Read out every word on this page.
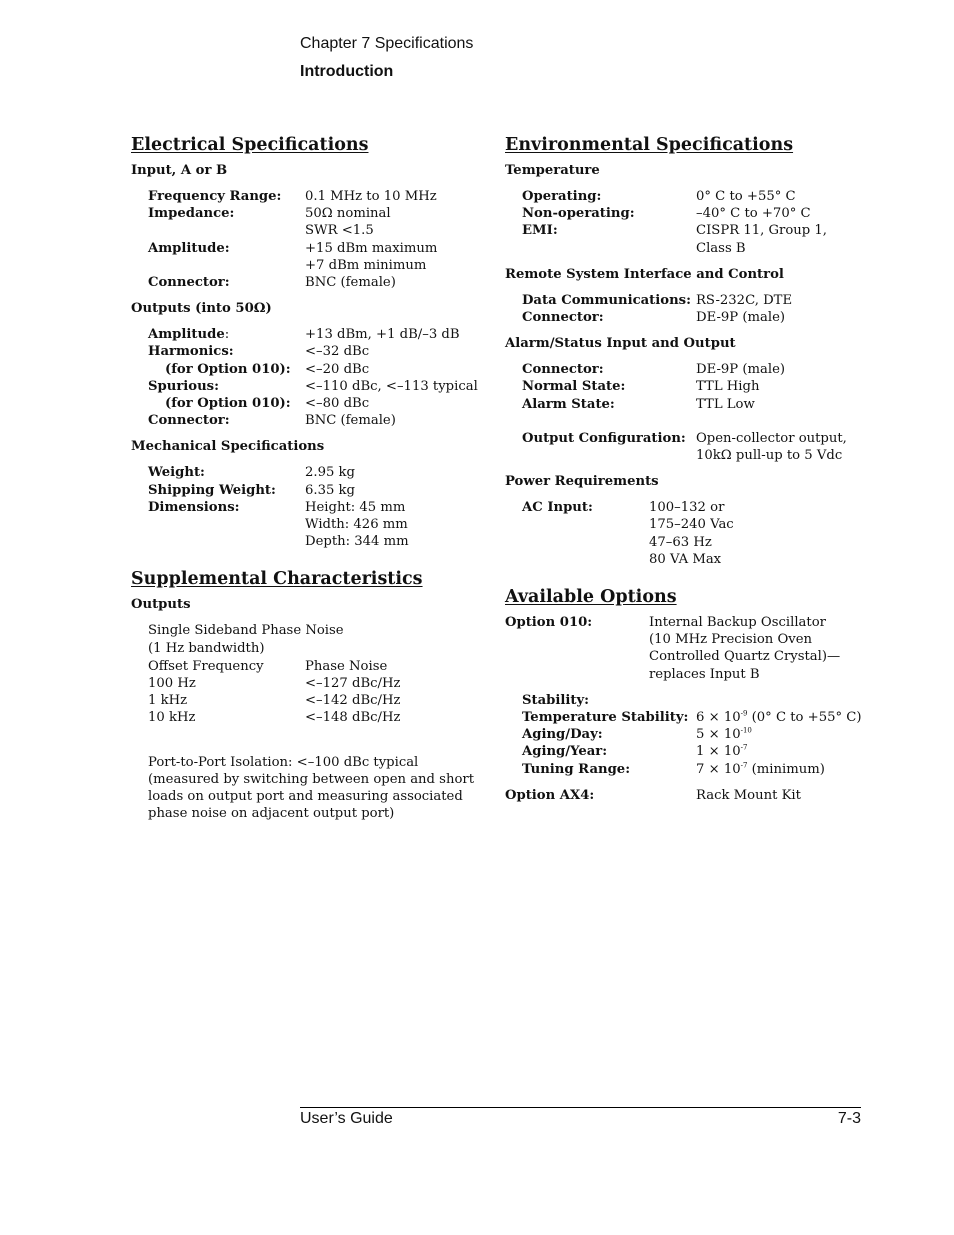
Chapter 7 Specifications
Introduction
Electrical Specifications
Input, A or B
Frequency Range:	0.1 MHz to 10 MHz
Impedance:	50Ω nominal
SWR <1.5
Amplitude:	+15 dBm maximum
+7 dBm minimum
Connector:	BNC (female)
Outputs (into 50Ω)
Amplitude:	+13 dBm, +1 dB/–3 dB
Harmonics:	<–32 dBc
(for Option 010):	<–20 dBc
Spurious:	<–110 dBc, <–113 typical
(for Option 010):	<–80 dBc
Connector:	BNC (female)
Mechanical Specifications
Weight:	2.95 kg
Shipping Weight:	6.35 kg
Dimensions:	Height: 45 mm
Width: 426 mm
Depth: 344 mm
Supplemental Characteristics
Outputs
Single Sideband Phase Noise
(1 Hz bandwidth)
Offset Frequency	Phase Noise
100 Hz	<–127 dBc/Hz
1 kHz	<–142 dBc/Hz
10 kHz	<–148 dBc/Hz
Port-to-Port Isolation: <–100 dBc typical
(measured by switching between open and short
loads on output port and measuring associated
phase noise on adjacent output port)
Environmental Specifications
Temperature
Operating:	0° C to +55° C
Non-operating:	–40° C to +70° C
EMI:	CISPR 11, Group 1,
Class B
Remote System Interface and Control
Data Communications: RS-232C, DTE
Connector:	DE-9P (male)
Alarm/Status Input and Output
Connector:	DE-9P (male)
Normal State:	TTL High
Alarm State:	TTL Low
Output Configuration: Open-collector output,
10kΩ pull-up to 5 Vdc
Power Requirements
AC Input:	100–132 or
175–240 Vac
47–63 Hz
80 VA Max
Available Options
Option 010:	Internal Backup Oscillator
(10 MHz Precision Oven
Controlled Quartz Crystal)—
replaces Input B
Stability:
Temperature Stability: $6 \times 10^{-9}$ (0° C to +55° C)
Aging/Day:	$5 \times 10^{-10}$
Aging/Year:	$1 \times 10^{-7}$
Tuning Range:	$7 \times 10^{-7}$ (minimum)
Option AX4:	Rack Mount Kit
User’s Guide	7-3
